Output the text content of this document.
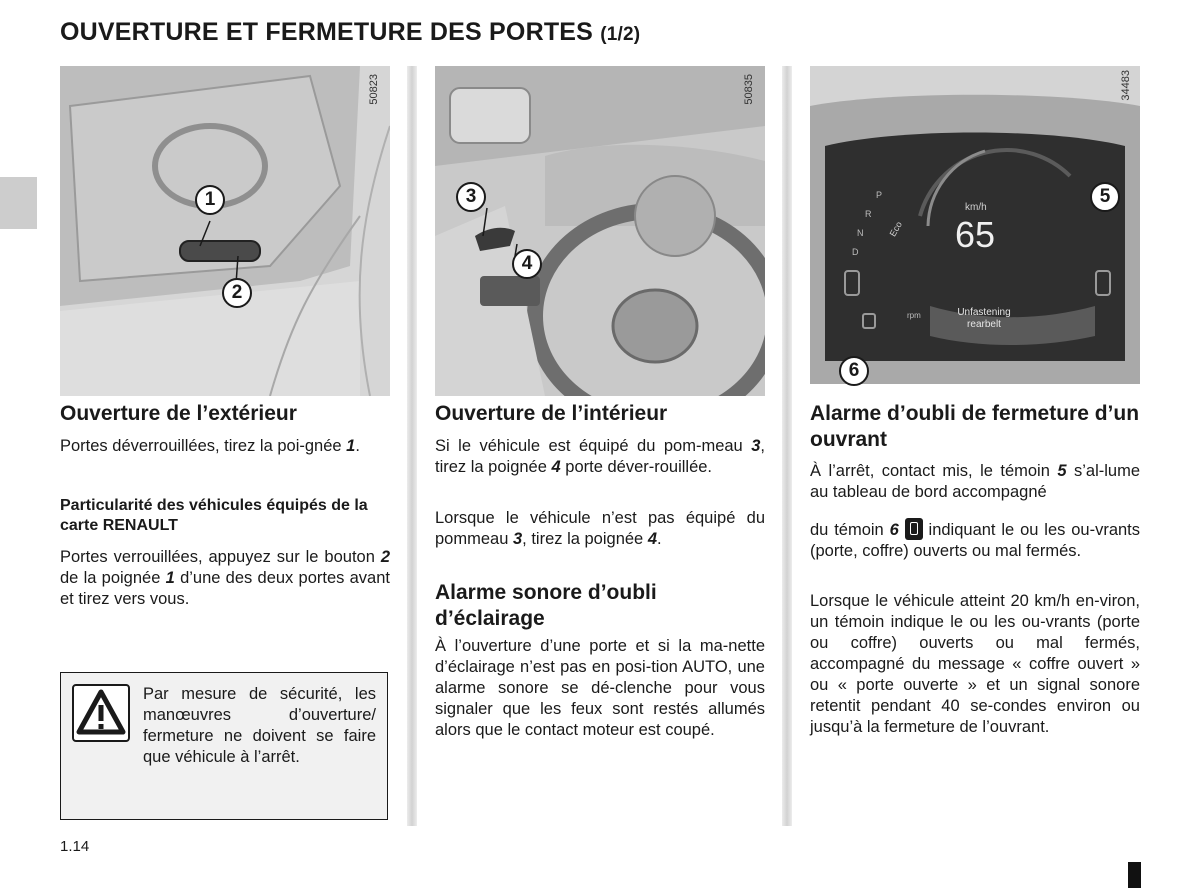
OUVERTURE ET FERMETURE DES PORTES (1/2)
50823
1
2
50835
3
4
km/h
65
Eco
rpm	Unfastening
rearbelt
P
R
N
D
34483
5
6
Ouverture de l’extérieur

Portes déverrouillées, tirez la poi-gnée 1.

Particularité des véhicules équipés de la carte RENAULT

Portes verrouillées, appuyez sur le bouton 2 de la poignée 1 d’une des deux portes avant et tirez vers vous.

Par mesure de sécurité, les manœuvres d’ouverture/ fermeture ne doivent se faire que véhicule à l’arrêt.

Ouverture de l’intérieur

Si le véhicule est équipé du pom-meau 3, tirez la poignée 4 porte déver-rouillée.

Lorsque le véhicule n’est pas équipé du pommeau 3, tirez la poignée 4.

Alarme sonore d’oubli d’éclairage

À l’ouverture d’une porte et si la ma-nette d’éclairage n’est pas en posi-tion AUTO, une alarme sonore se dé-clenche pour vous signaler que les feux sont restés allumés alors que le contact moteur est coupé.

Alarme d’oubli de fermeture d’un ouvrant

À l’arrêt, contact mis, le témoin 5 s’al-lume au tableau de bord accompagné

du témoin 6
indiquant le ou les ou-vrants (porte, coffre) ouverts ou mal fermés.

Lorsque le véhicule atteint 20 km/h en-viron, un témoin indique le ou les ou-vrants (porte ou coffre) ouverts ou mal fermés, accompagné du message « coffre ouvert » ou « porte ouverte » et un signal sonore retentit pendant 40 se-condes environ ou jusqu’à la fermeture de l’ouvrant.

1.14
